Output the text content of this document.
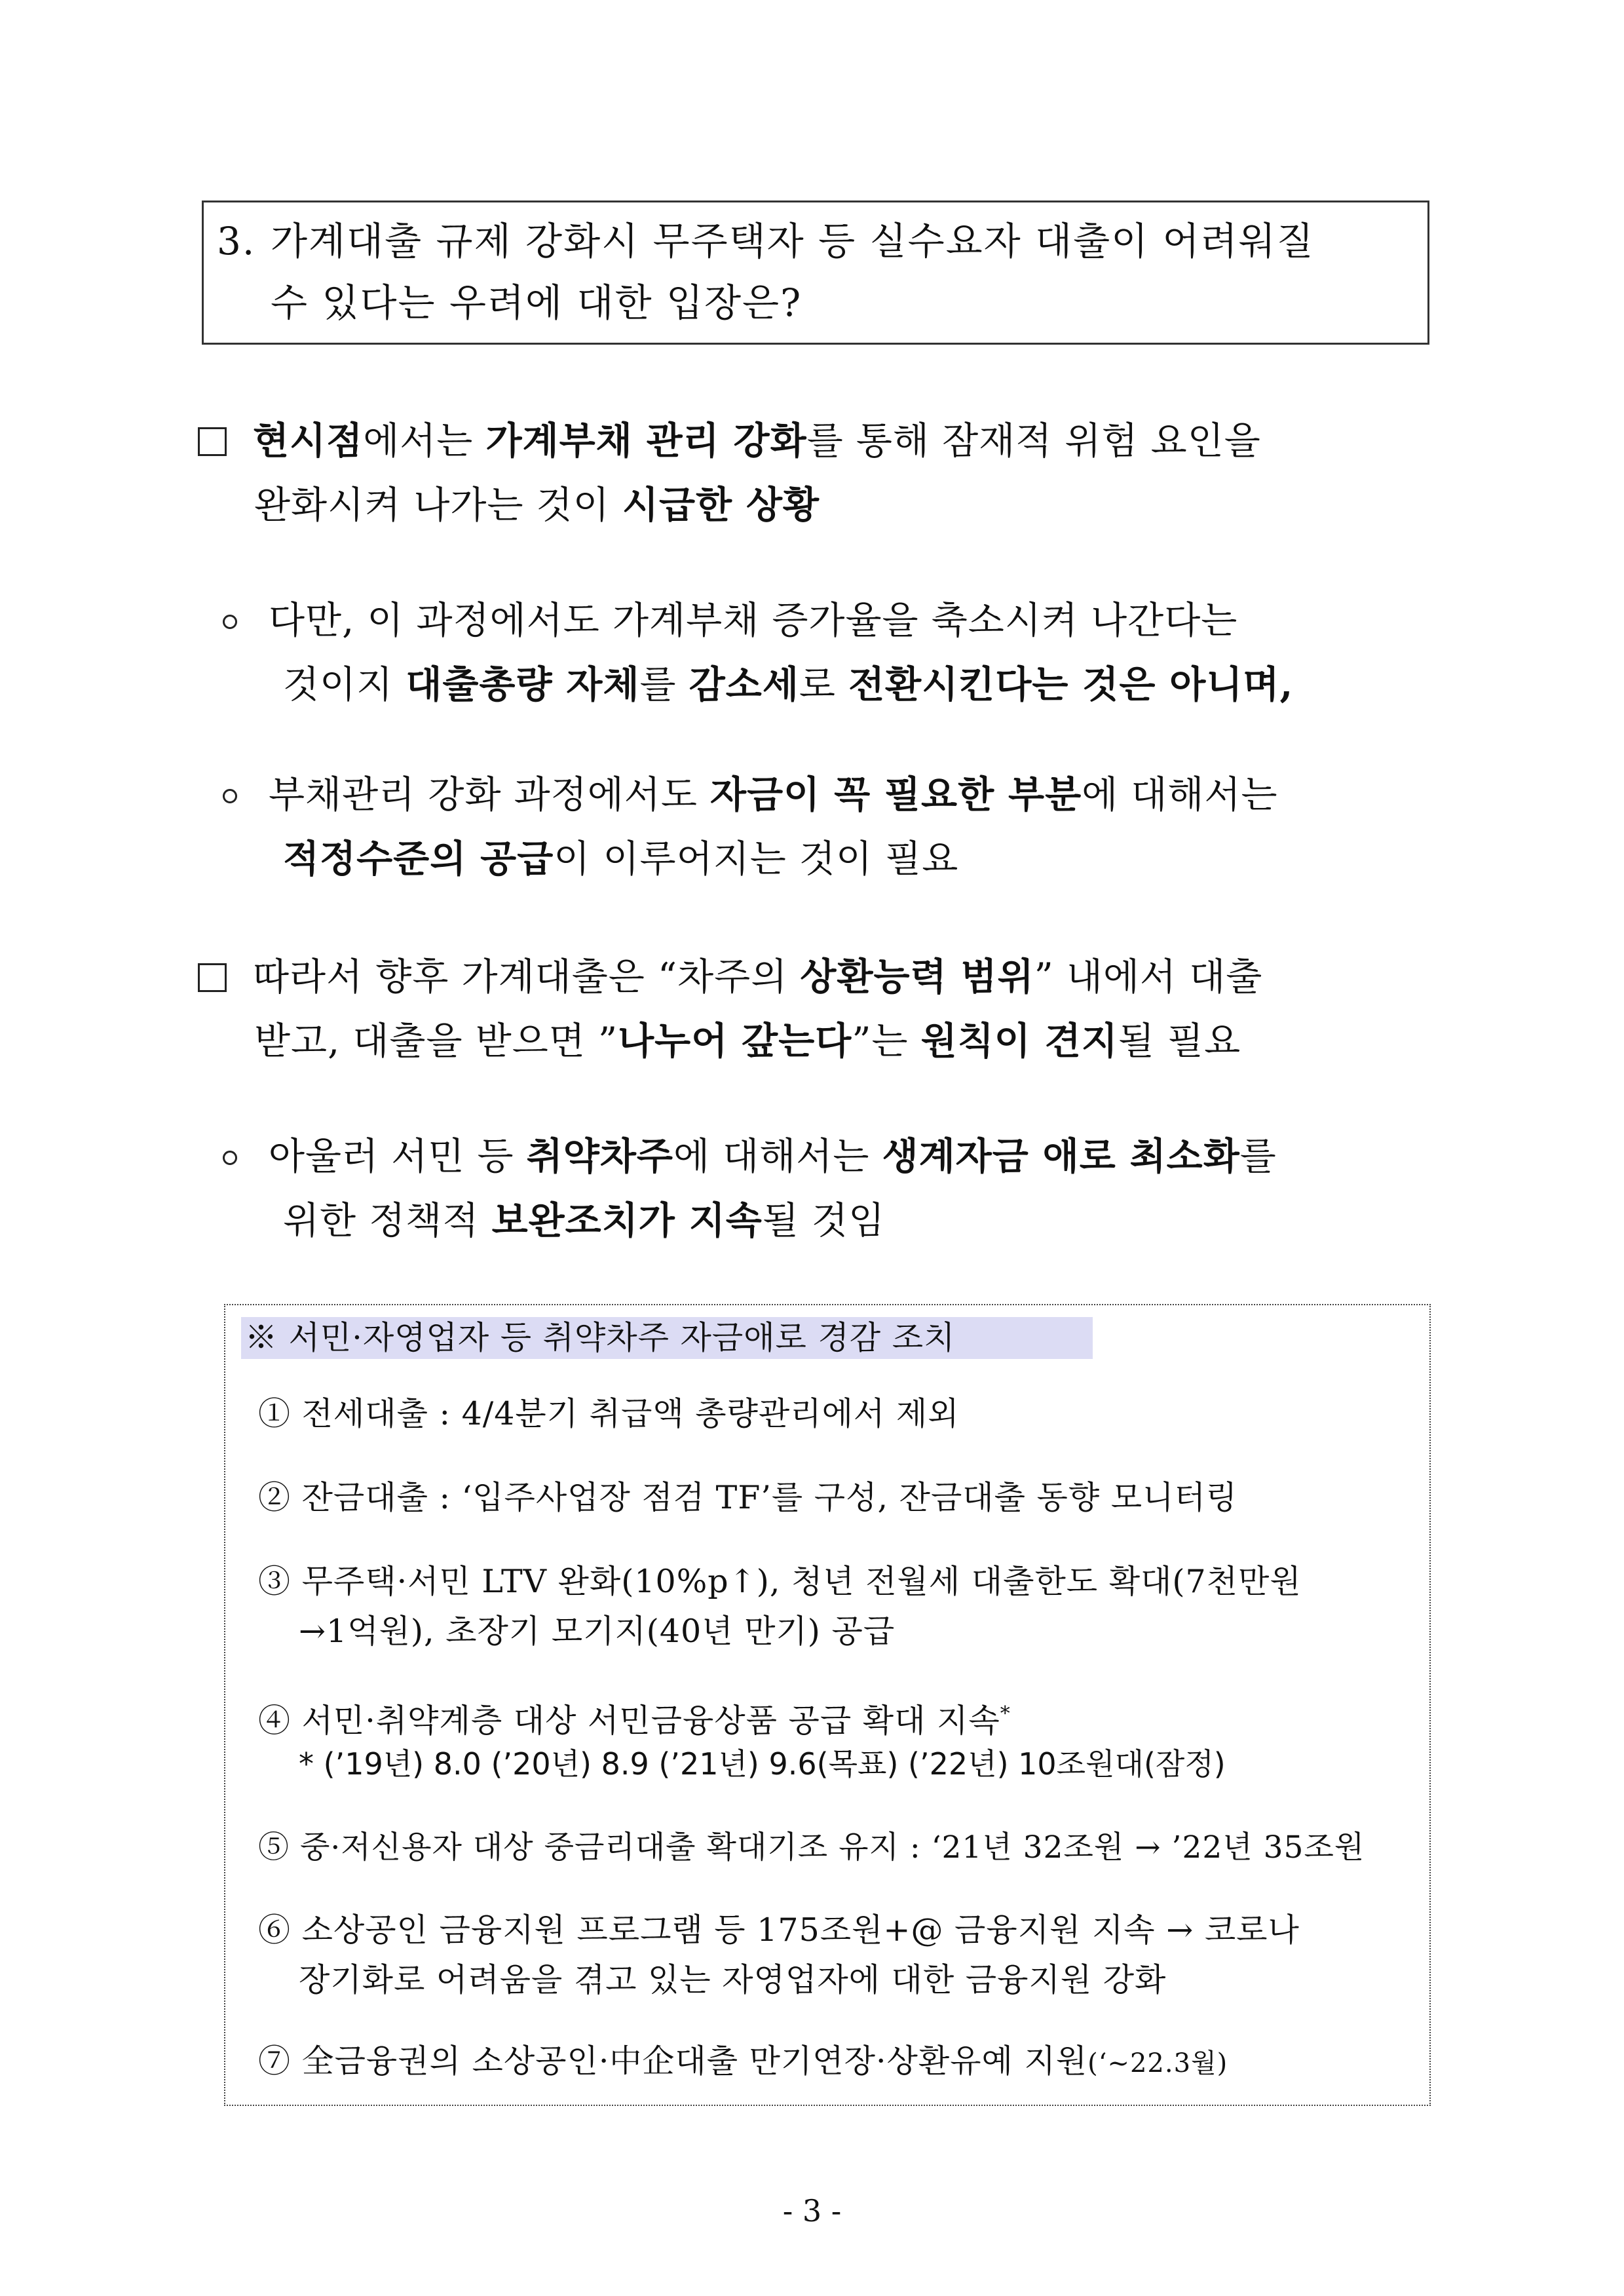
3. 가계대출 규제 강화시 무주택자 등 실수요자 대출이 어려워질
수 있다는 우려에 대한 입장은?
현시점에서는 가계부채 관리 강화를 통해 잠재적 위험 요인을
완화시켜 나가는 것이 시급한 상황
다만, 이 과정에서도 가계부채 증가율을 축소시켜 나간다는
것이지 대출총량 자체를 감소세로 전환시킨다는 것은 아니며,
부채관리 강화 과정에서도 자금이 꼭 필요한 부분에 대해서는
적정수준의 공급이 이루어지는 것이 필요
따라서 향후 가계대출은 “차주의 상환능력 범위” 내에서 대출
받고, 대출을 받으면 ”나누어 갚는다”는 원칙이 견지될 필요
아울러 서민 등 취약차주에 대해서는 생계자금 애로 최소화를
위한 정책적 보완조치가 지속될 것임
※ 서민·자영업자 등 취약차주 자금애로 경감 조치
① 전세대출 : 4/4분기 취급액 총량관리에서 제외
② 잔금대출 : ‘입주사업장 점검 TF’를 구성, 잔금대출 동향 모니터링
③ 무주택·서민 LTV 완화(10%p↑), 청년 전월세 대출한도 확대(7천만원
→1억원), 초장기 모기지(40년 만기) 공급
④ 서민·취약계층 대상 서민금융상품 공급 확대 지속*
* (’19년) 8.0 (’20년) 8.9 (’21년) 9.6(목표) (’22년) 10조원대(잠정)
⑤ 중·저신용자 대상 중금리대출 확대기조 유지 : ‘21년 32조원 → ’22년 35조원
⑥ 소상공인 금융지원 프로그램 등 175조원+@ 금융지원 지속 → 코로나
장기화로 어려움을 겪고 있는 자영업자에 대한 금융지원 강화
⑦ 全금융권의 소상공인·中企대출 만기연장·상환유예 지원(‘~22.3월)
- 3 -
